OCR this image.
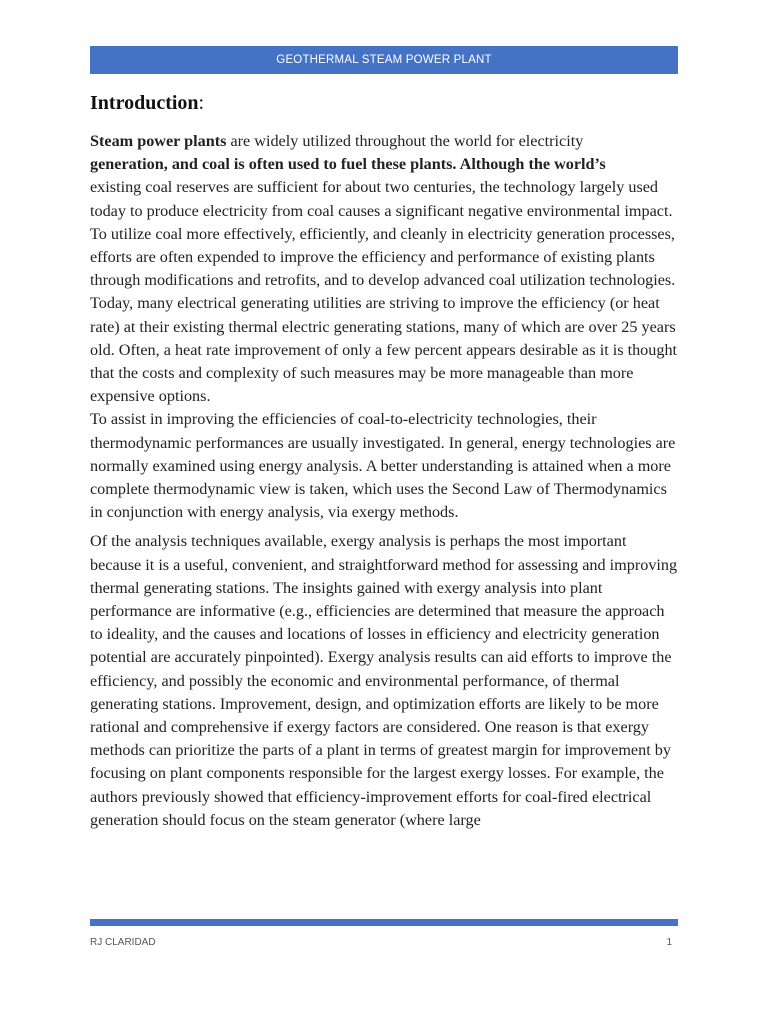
GEOTHERMAL STEAM POWER PLANT
Introduction:

Steam power plants are widely utilized throughout the world for electricity
generation, and coal is often used to fuel these plants. Although the world’s
existing coal reserves are sufficient for about two centuries, the technology largely used today to produce electricity from coal causes a significant negative environmental impact. To utilize coal more effectively, efficiently, and cleanly in electricity generation processes, efforts are often expended to improve the efficiency and performance of existing plants through modifications and retrofits, and to develop advanced coal utilization technologies.

Today, many electrical generating utilities are striving to improve the efficiency (or heat rate) at their existing thermal electric generating stations, many of which are over 25 years old. Often, a heat rate improvement of only a few percent appears desirable as it is thought that the costs and complexity of such measures may be more manageable than more expensive options.

To assist in improving the efficiencies of coal-to-electricity technologies, their thermodynamic performances are usually investigated. In general, energy technologies are normally examined using energy analysis. A better understanding is attained when a more complete thermodynamic view is taken, which uses the Second Law of Thermodynamics in conjunction with energy analysis, via exergy methods.

Of the analysis techniques available, exergy analysis is perhaps the most important because it is a useful, convenient, and straightforward method for assessing and improving thermal generating stations. The insights gained with exergy analysis into plant performance are informative (e.g., efficiencies are determined that measure the approach to ideality, and the causes and locations of losses in efficiency and electricity generation potential are accurately pinpointed). Exergy analysis results can aid efforts to improve the efficiency, and possibly the economic and environmental performance, of thermal generating stations. Improvement, design, and optimization efforts are likely to be more rational and comprehensive if exergy factors are considered. One reason is that exergy methods can prioritize the parts of a plant in terms of greatest margin for improvement by focusing on plant components responsible for the largest exergy losses. For example, the authors previously showed that efficiency-improvement efforts for coal-fired electrical generation should focus on the steam generator (where large

RJ CLARIDAD	1
